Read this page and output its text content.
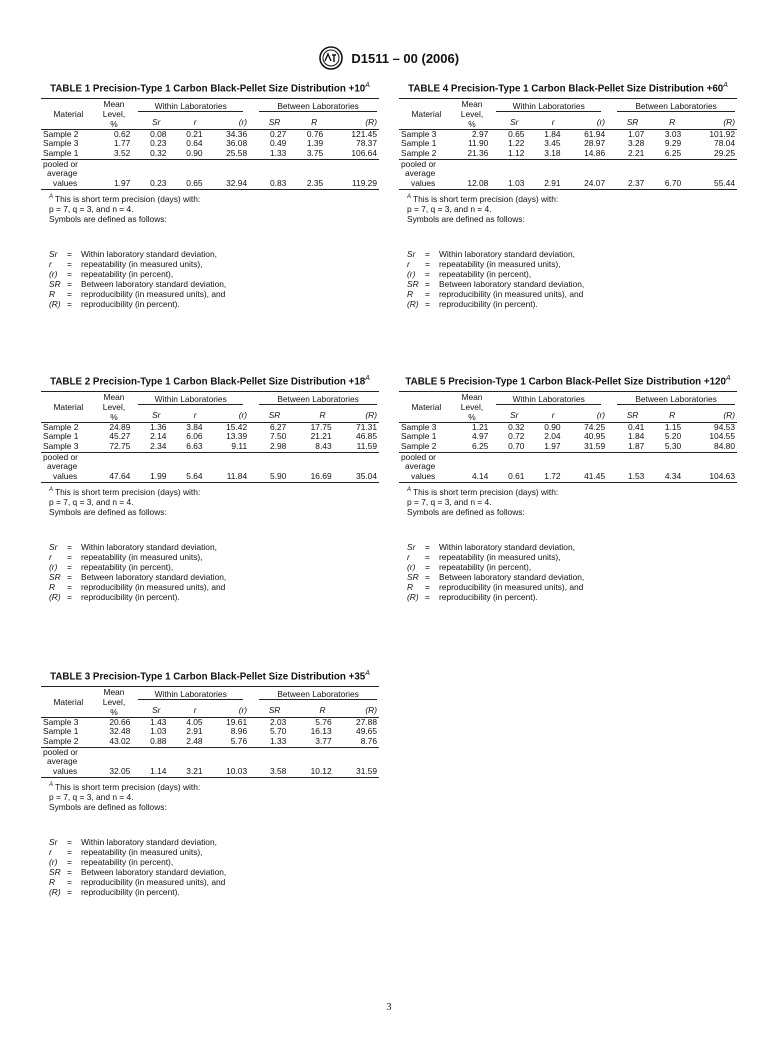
D1511 – 00 (2006)
TABLE 1 Precision-Type 1 Carbon Black-Pellet Size Distribution $+10^A$
Material	Mean
Level,
%	Within Laboratories			Between Laboratories		

		Sr	r	(r)	SR	R	(R)
Sample 2	0.62	0.08	0.21	34.36	0.27	0.76	121.45
Sample 3	1.77	0.23	0.64	36.08	0.49	1.39	78.37
Sample 1	3.52	0.32	0.90	25.58	1.33	3.75	106.64
pooled or							
average							
values	1.97	0.23	0.65	32.94	0.83	2.35	119.29
$^A$ This is short term precision (days) with:
p = 7, q = 3, and n = 4.
Symbols are defined as follows:
Sr	=	Within laboratory standard deviation,
r	=	repeatability (in measured units),
(r)	=	repeatability (in percent),
SR =	Between laboratory standard deviation,
R	=	reproducibility (in measured units), and
(R) =	reproducibility (in percent).
TABLE 2 Precision-Type 1 Carbon Black-Pellet Size Distribution $+18^A$
Material	Mean
Level,
%	Within Laboratories			Between Laboratories		

		Sr	r	(r)	SR	R	(R)
Sample 2	24.89	1.36	3.84	15.42	6.27	17.75	71.31
Sample 1	45.27	2.14	6.06	13.39	7.50	21.21	46.85
Sample 3	72.75	2.34	6.63	9.11	2.98	8.43	11.59
pooled or							
average							
values	47.64	1.99	5.64	11.84	5.90	16.69	35.04
$^A$ This is short term precision (days) with:
p = 7, q = 3, and n = 4.
Symbols are defined as follows:
Sr	=	Within laboratory standard deviation,
r	=	repeatability (in measured units),
(r)	=	repeatability (in percent),
SR =	Between laboratory standard deviation,
R	=	reproducibility (in measured units), and
(R) =	reproducibility (in percent).
TABLE 3 Precision-Type 1 Carbon Black-Pellet Size Distribution $+35^A$
Material	Mean
Level,
%	Within Laboratories			Between Laboratories		

		Sr	r	(r)	SR	R	(R)
Sample 3	20.66	1.43	4.05	19.61	2.03	5.76	27.88
Sample 1	32.48	1.03	2.91	8.96	5.70	16.13	49.65
Sample 2	43.02	0.88	2.48	5.76	1.33	3.77	8.76
pooled or							
average							
values	32.05	1.14	3.21	10.03	3.58	10.12	31.59
$^A$ This is short term precision (days) with:
p = 7, q = 3, and n = 4.
Symbols are defined as follows:
Sr	=	Within laboratory standard deviation,
r	=	repeatability (in measured units),
(r)	=	repeatability (in percent),
SR =	Between laboratory standard deviation,
R	=	reproducibility (in measured units), and
(R) =	reproducibility (in percent).
TABLE 4 Precision-Type 1 Carbon Black-Pellet Size Distribution $+60^A$
Material	Mean
Level,
%	Within Laboratories			Between Laboratories		

		Sr	r	(r)	SR	R	(R)
Sample 3	2.97	0.65	1.84	61.94	1.07	3.03	101.92
Sample 1	11.90	1.22	3.45	28.97	3.28	9.29	78.04
Sample 2	21.36	1.12	3.18	14.86	2.21	6.25	29.25
pooled or							
average							
values	12.08	1.03	2.91	24.07	2.37	6.70	55.44
$^A$ This is short term precision (days) with:
p = 7, q = 3, and n = 4.
Symbols are defined as follows:
Sr	=	Within laboratory standard deviation,
r	=	repeatability (in measured units),
(r)	=	repeatability (in percent),
SR =	Between laboratory standard deviation,
R	=	reproducibility (in measured units), and
(R) =	reproducibility (in percent).
TABLE 5 Precision-Type 1 Carbon Black-Pellet Size Distribution $+120^A$
Material	Mean
Level,
%	Within Laboratories			Between Laboratories		

		Sr	r	(r)	SR	R	(R)
Sample 3	1.21	0.32	0.90	74.25	0.41	1.15	94.53
Sample 1	4.97	0.72	2.04	40.95	1.84	5.20	104.55
Sample 2	6.25	0.70	1.97	31.59	1.87	5.30	84.80
pooled or							
average							
values	4.14	0.61	1.72	41.45	1.53	4.34	104.63
$^A$ This is short term precision (days) with:
p = 7, q = 3, and n = 4.
Symbols are defined as follows:
Sr	=	Within laboratory standard deviation,
r	=	repeatability (in measured units),
(r)	=	repeatability (in percent),
SR =	Between laboratory standard deviation,
R	=	reproducibility (in measured units), and
(R) =	reproducibility (in percent).
3
